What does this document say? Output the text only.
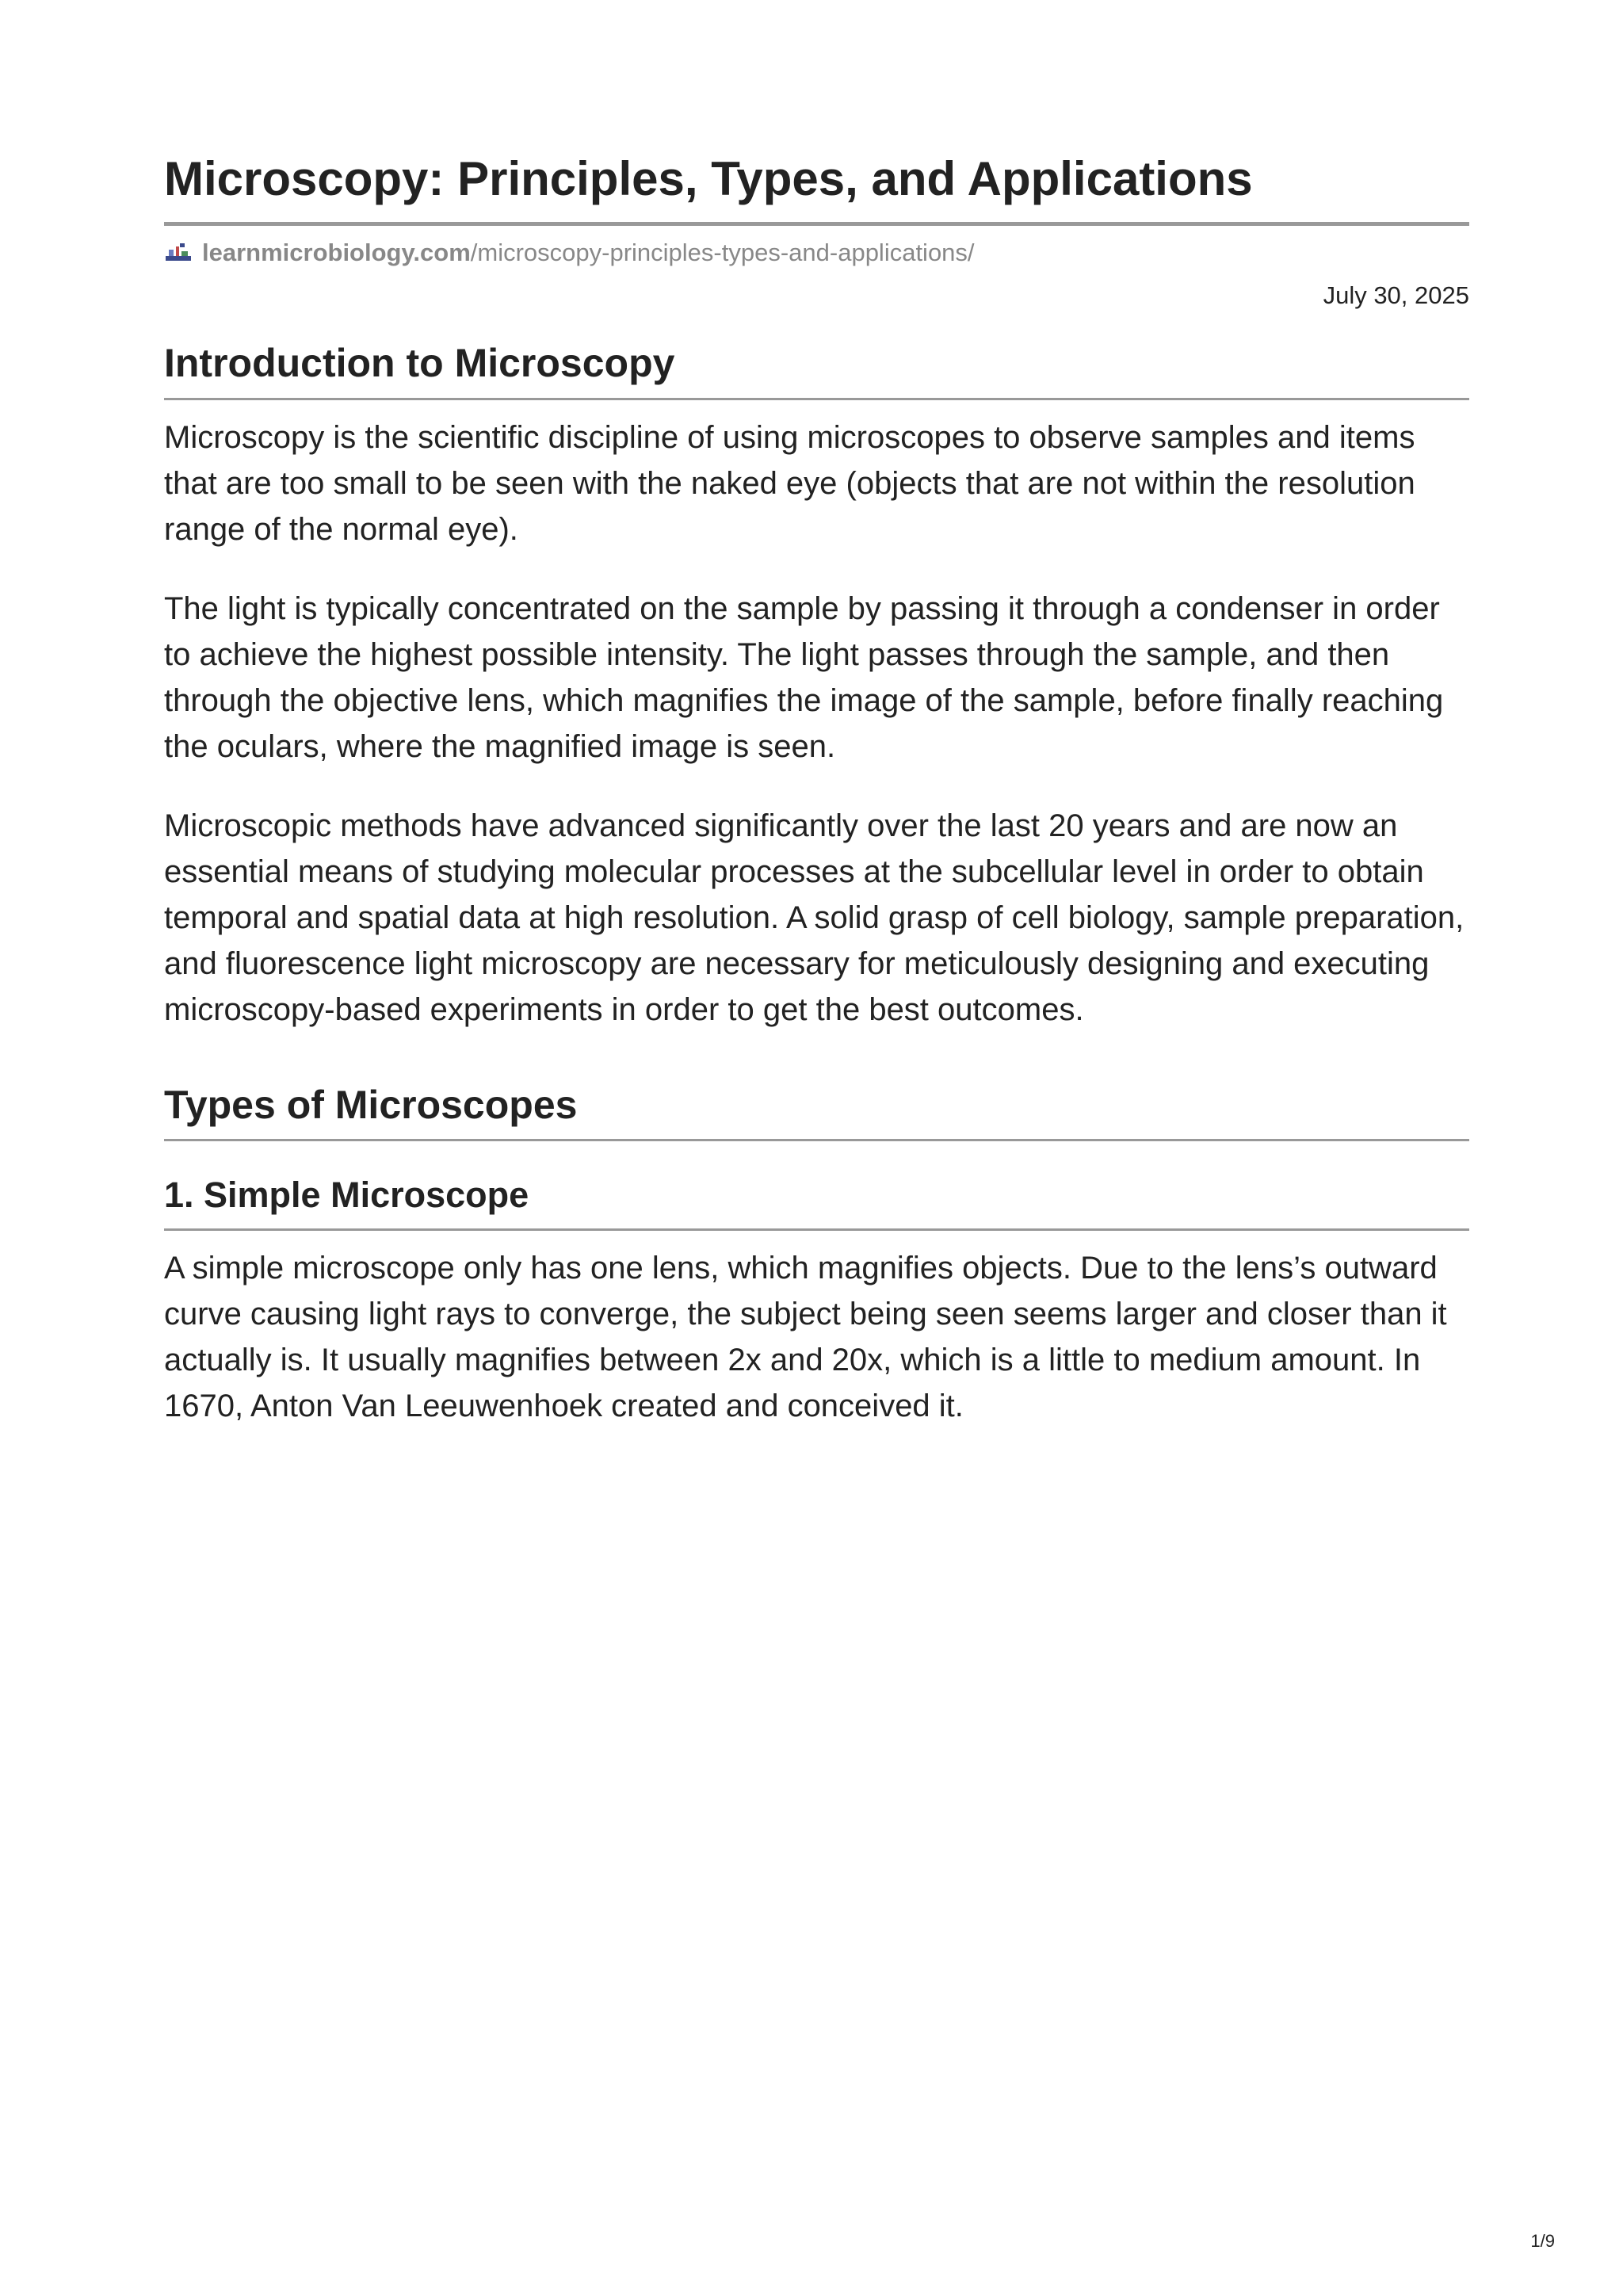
Microscopy: Principles, Types, and Applications
learnmicrobiology.com /microscopy-principles-types-and-applications/
July 30, 2025
Introduction to Microscopy

Microscopy is the scientific discipline of using microscopes to observe samples and items that are too small to be seen with the naked eye (objects that are not within the resolution range of the normal eye).

The light is typically concentrated on the sample by passing it through a condenser in order to achieve the highest possible intensity. The light passes through the sample, and then through the objective lens, which magnifies the image of the sample, before finally reaching the oculars, where the magnified image is seen.

Microscopic methods have advanced significantly over the last 20 years and are now an essential means of studying molecular processes at the subcellular level in order to obtain temporal and spatial data at high resolution. A solid grasp of cell biology, sample preparation, and fluorescence light microscopy are necessary for meticulously designing and executing microscopy-based experiments in order to get the best outcomes.

Types of Microscopes
1. Simple Microscope

A simple microscope only has one lens, which magnifies objects. Due to the lens’s outward curve causing light rays to converge, the subject being seen seems larger and closer than it actually is. It usually magnifies between 2x and 20x, which is a little to medium amount. In 1670, Anton Van Leeuwenhoek created and conceived it.

1/9
